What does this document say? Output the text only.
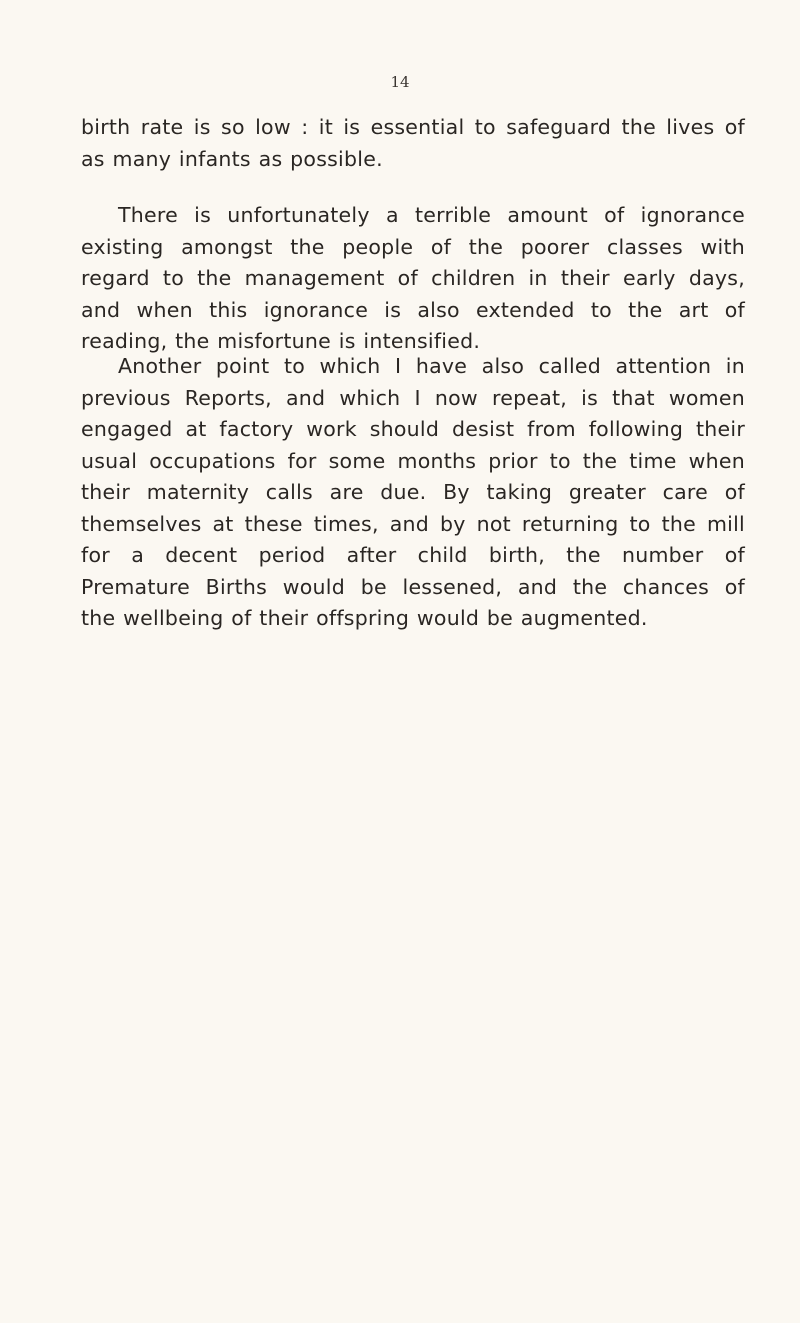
14
birth rate is so low : it is essential to safeguard the lives of
as many infants as possible.
There is unfortunately a terrible amount of ignorance
existing amongst the people of the poorer classes with
regard to the management of children in their early days,
and when this ignorance is also extended to the art of
reading, the misfortune is intensified.
Another point to which I have also called attention in
previous Reports, and which I now repeat, is that women
engaged at factory work should desist from following their
usual occupations for some months prior to the time when
their maternity calls are due. By taking greater care of
themselves at these times, and by not returning to the mill
for a decent period after child birth, the number of
Premature Births would be lessened, and the chances of
the wellbeing of their offspring would be augmented.
